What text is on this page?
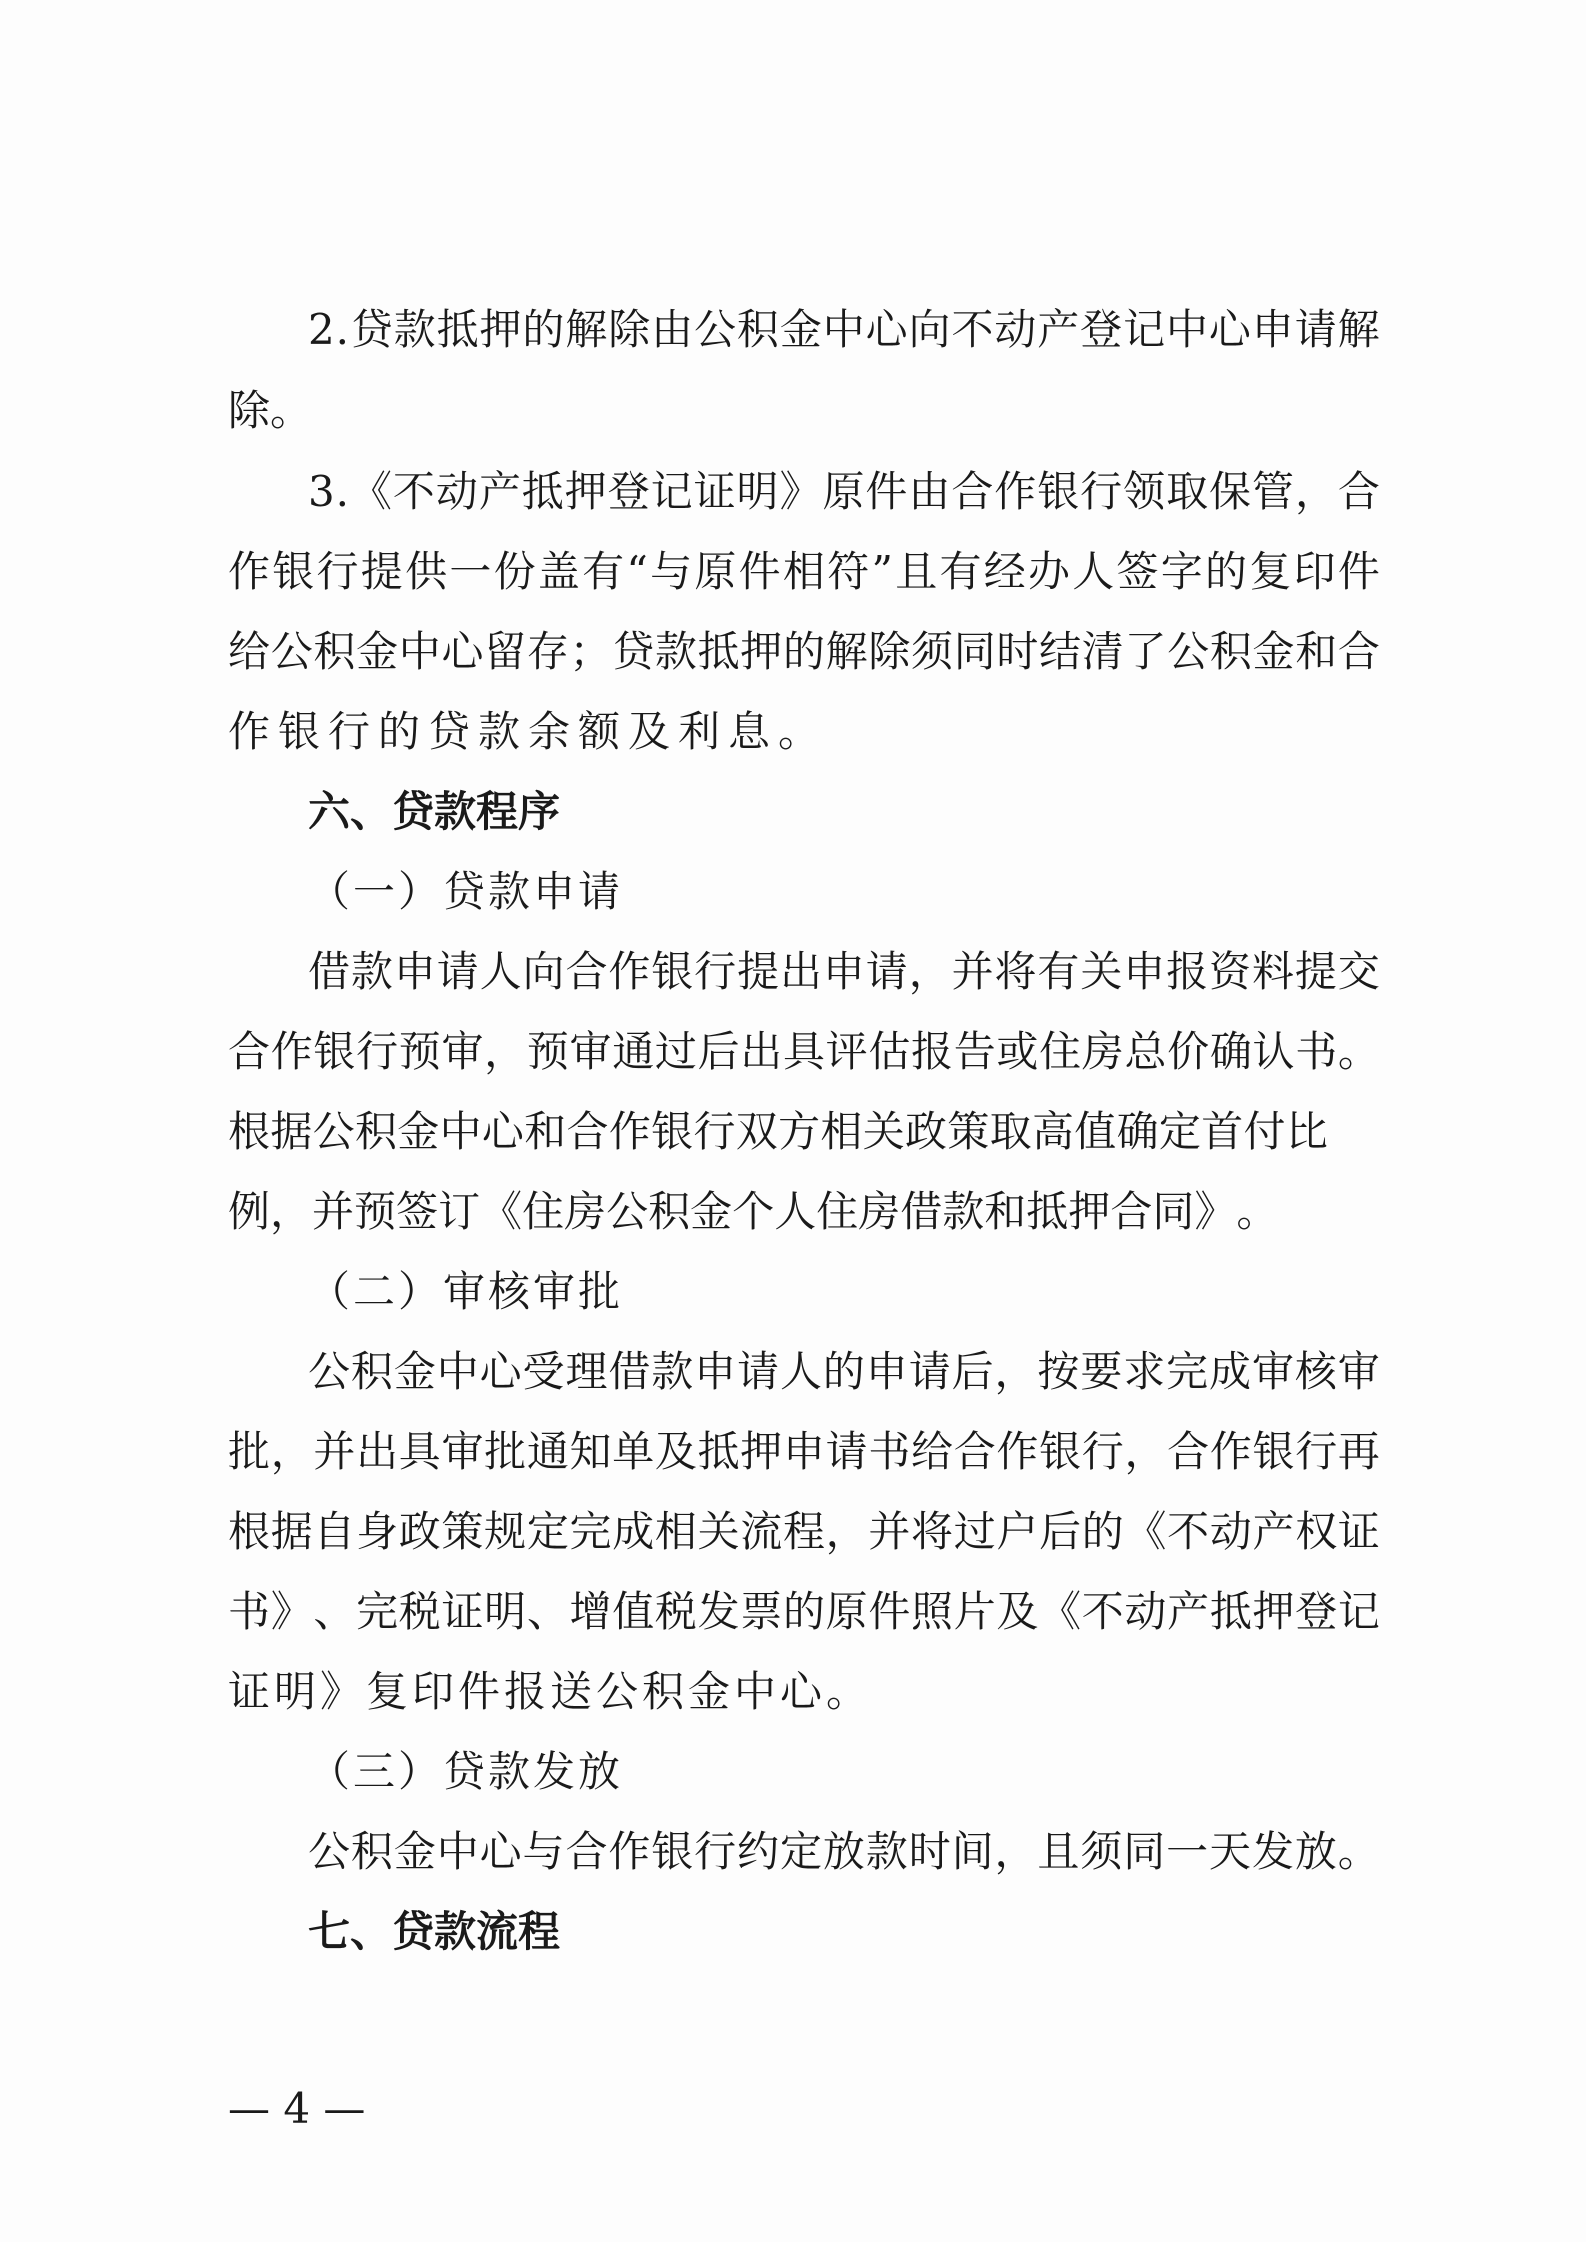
2 . 贷 款 抵 押 的 解 除 由 公 积 金 中 心 向 不 动 产 登 记 中 心 申 请 解
除。
3 . 《 不 动 产 抵 押 登 记 证 明 》 原 件 由 合 作 银 行 领 取 保 管 ， 合
作 银 行 提 供 一 份 盖 有 “ 与 原 件 相 符 ” 且 有 经 办 人 签 字 的 复 印 件
给 公 积 金 中 心 留 存 ； 贷 款 抵 押 的 解 除 须 同 时 结 清 了 公 积 金 和 合
作银行的贷款余额及利息。
六、贷款程序
（一）贷款申请
借 款 申 请 人 向 合 作 银 行 提 出 申 请 ， 并 将 有 关 申 报 资 料 提 交
合 作 银 行 预 审 ， 预 审 通 过 后 出 具 评 估 报 告 或 住 房 总 价 确 认 书 。
根 据 公 积 金 中 心 和 合 作 银 行 双 方 相 关 政 策 取 高 值 确 定 首 付 比
例 ， 并 预 签 订 《 住 房 公 积 金 个 人 住 房 借 款 和 抵 押 合 同 》 。
（二）审核审批
公 积 金 中 心 受 理 借 款 申 请 人 的 申 请 后 ， 按 要 求 完 成 审 核 审
批 ， 并 出 具 审 批 通 知 单 及 抵 押 申 请 书 给 合 作 银 行 ， 合 作 银 行 再
根 据 自 身 政 策 规 定 完 成 相 关 流 程 ， 并 将 过 户 后 的 《 不 动 产 权 证
书 》 、 完 税 证 明 、 增 值 税 发 票 的 原 件 照 片 及 《 不 动 产 抵 押 登 记
证明》复印件报送公积金中心。
（三）贷款发放
公 积 金 中 心 与 合 作 银 行 约 定 放 款 时 间 ， 且 须 同 一 天 发 放 。
七、贷款流程
— 4 —
